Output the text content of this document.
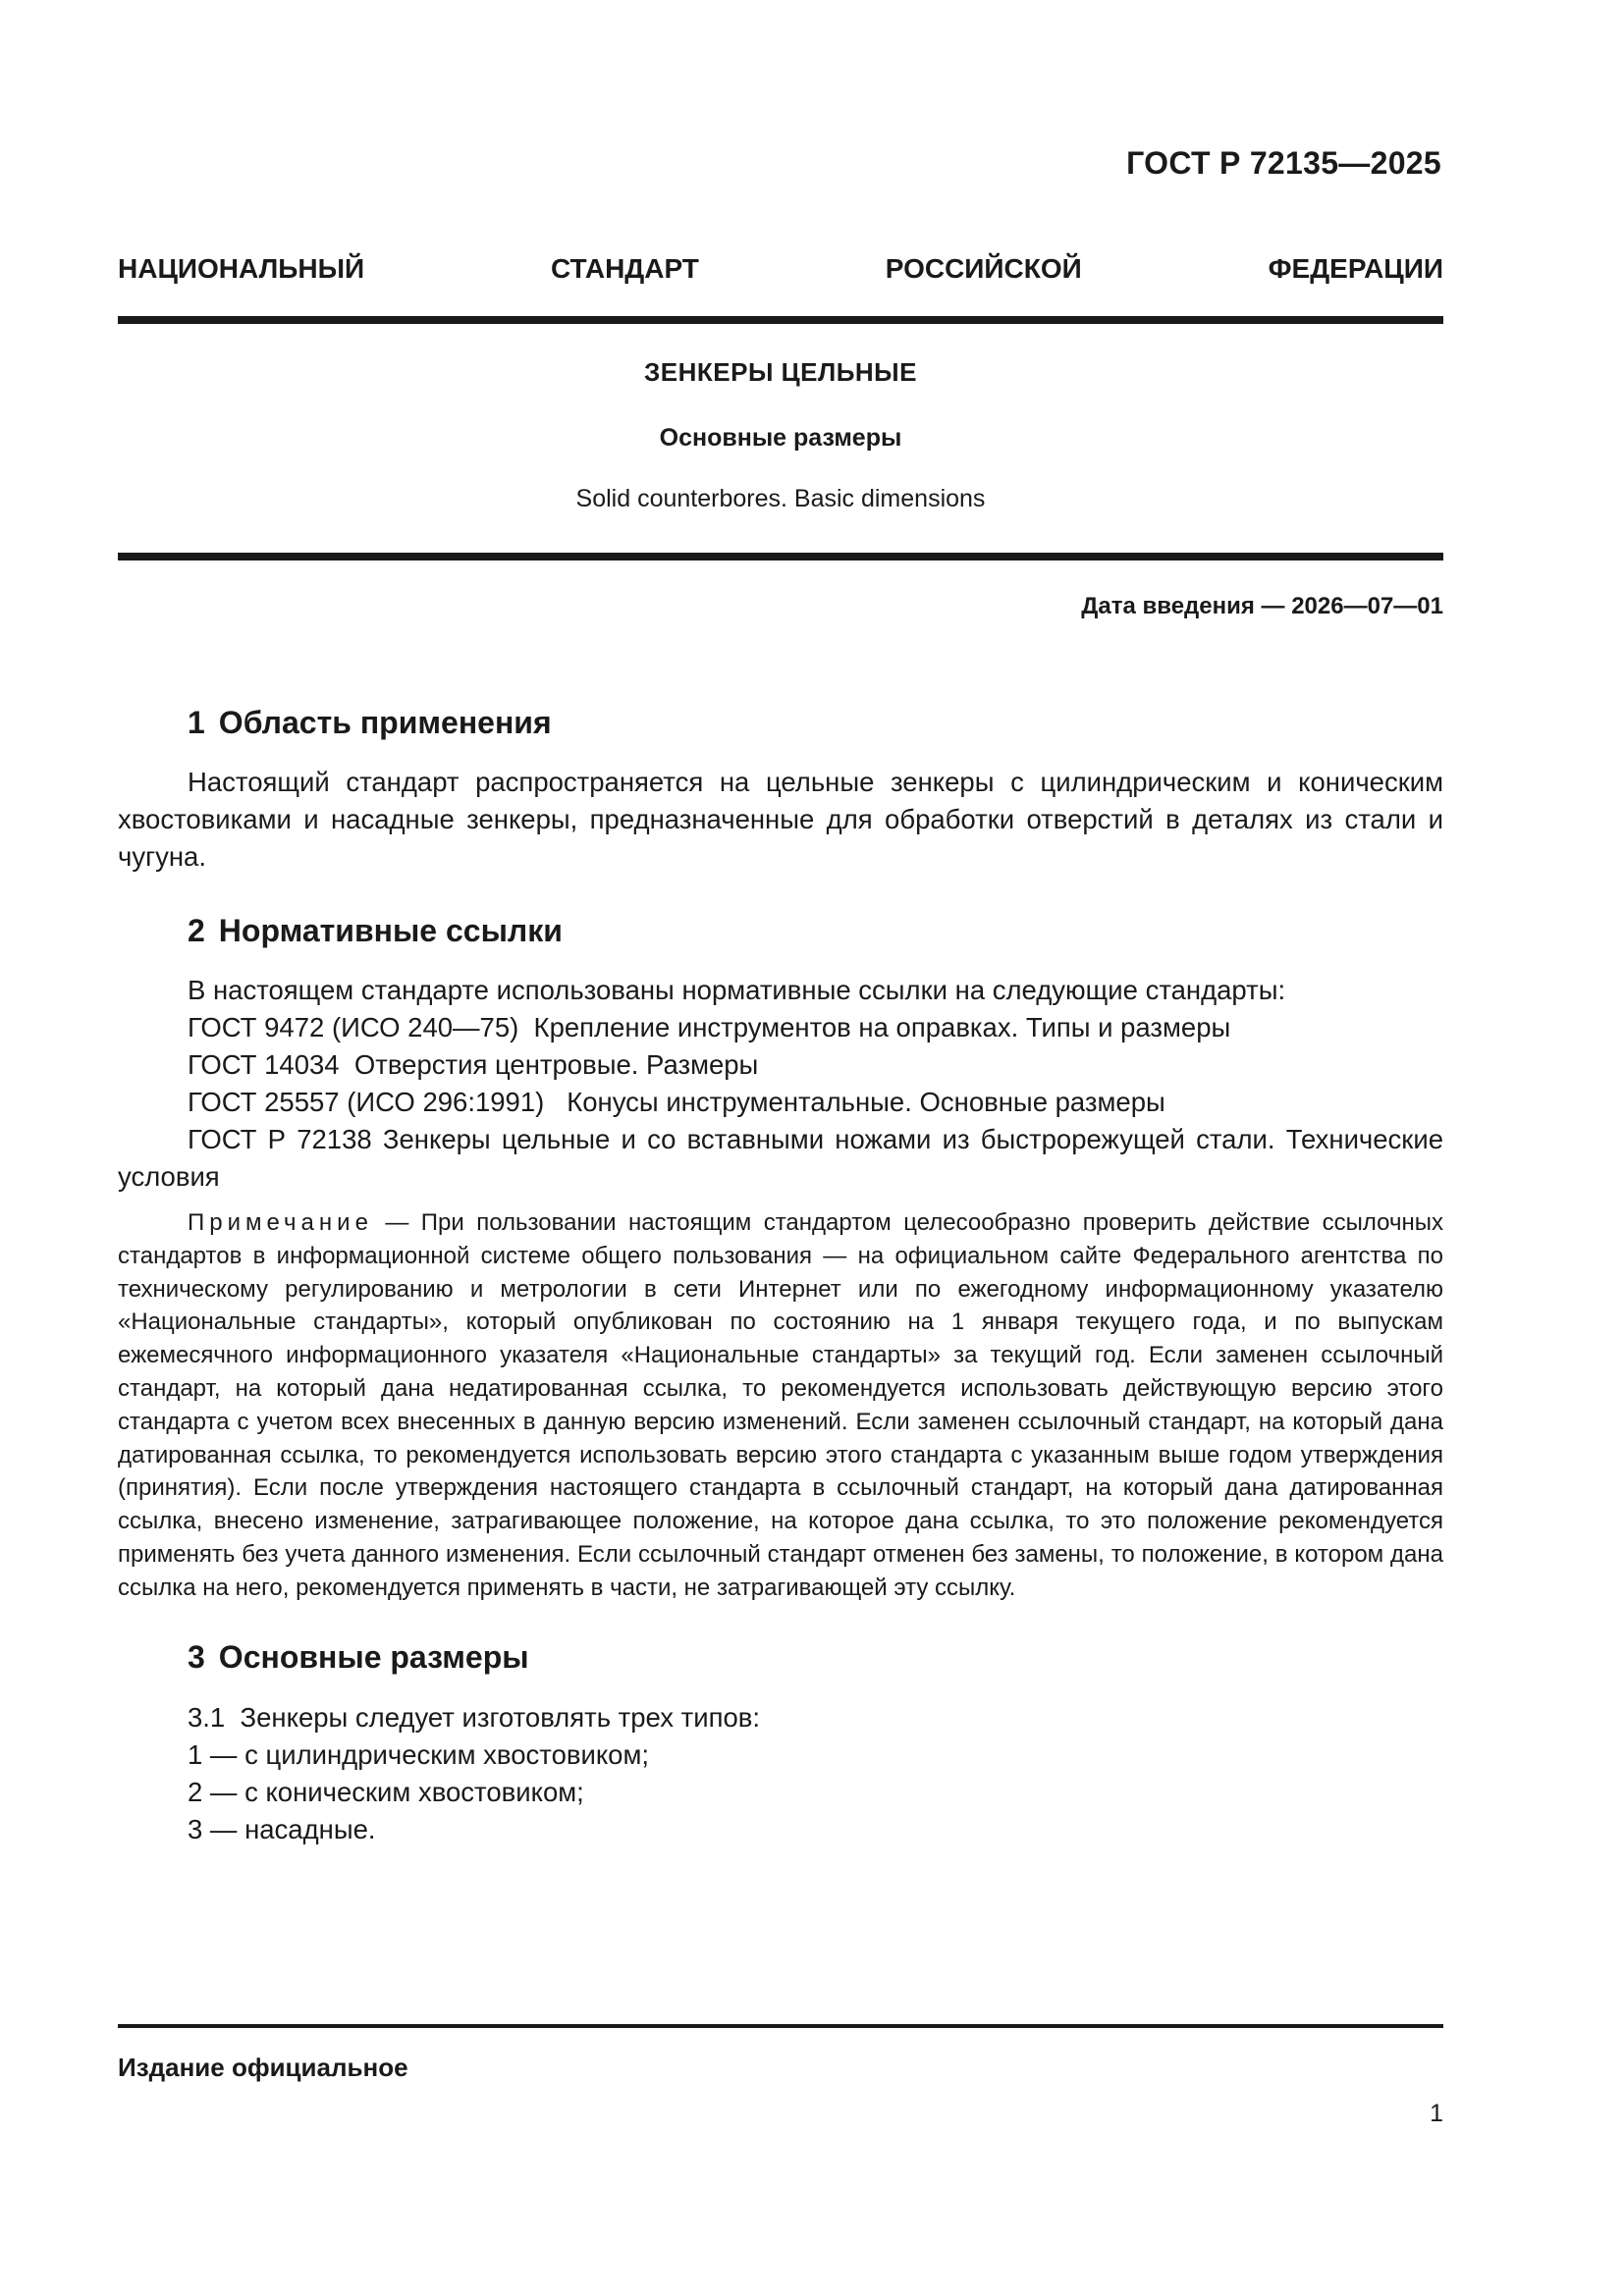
ГОСТ Р 72135—2025
НАЦИОНАЛЬНЫЙ СТАНДАРТ РОССИЙСКОЙ ФЕДЕРАЦИИ
ЗЕНКЕРЫ ЦЕЛЬНЫЕ
Основные размеры
Solid counterbores. Basic dimensions
Дата введения — 2026—07—01
1 Область применения
Настоящий стандарт распространяется на цельные зенкеры с цилиндрическим и коническим хвостовиками и насадные зенкеры, предназначенные для обработки отверстий в деталях из стали и чугуна.
2 Нормативные ссылки
В настоящем стандарте использованы нормативные ссылки на следующие стандарты:
ГОСТ 9472 (ИСО 240—75)  Крепление инструментов на оправках. Типы и размеры
ГОСТ 14034  Отверстия центровые. Размеры
ГОСТ 25557 (ИСО 296:1991)   Конусы инструментальные. Основные размеры
ГОСТ Р 72138 Зенкеры цельные и со вставными ножами из быстрорежущей стали. Технические условия
Примечание — При пользовании настоящим стандартом целесообразно проверить действие ссылочных стандартов в информационной системе общего пользования — на официальном сайте Федерального агентства по техническому регулированию и метрологии в сети Интернет или по ежегодному информационному указателю «Национальные стандарты», который опубликован по состоянию на 1 января текущего года, и по выпускам ежемесячного информационного указателя «Национальные стандарты» за текущий год. Если заменен ссылочный стандарт, на который дана недатированная ссылка, то рекомендуется использовать действующую версию этого стандарта с учетом всех внесенных в данную версию изменений. Если заменен ссылочный стандарт, на который дана датированная ссылка, то рекомендуется использовать версию этого стандарта с указанным выше годом утверждения (принятия). Если после утверждения настоящего стандарта в ссылочный стандарт, на который дана датированная ссылка, внесено изменение, затрагивающее положение, на которое дана ссылка, то это положение рекомендуется применять без учета данного изменения. Если ссылочный стандарт отменен без замены, то положение, в котором дана ссылка на него, рекомендуется применять в части, не затрагивающей эту ссылку.
3 Основные размеры
3.1  Зенкеры следует изготовлять трех типов:
1 — с цилиндрическим хвостовиком;
2 — с коническим хвостовиком;
3 — насадные.
Издание официальное
1
